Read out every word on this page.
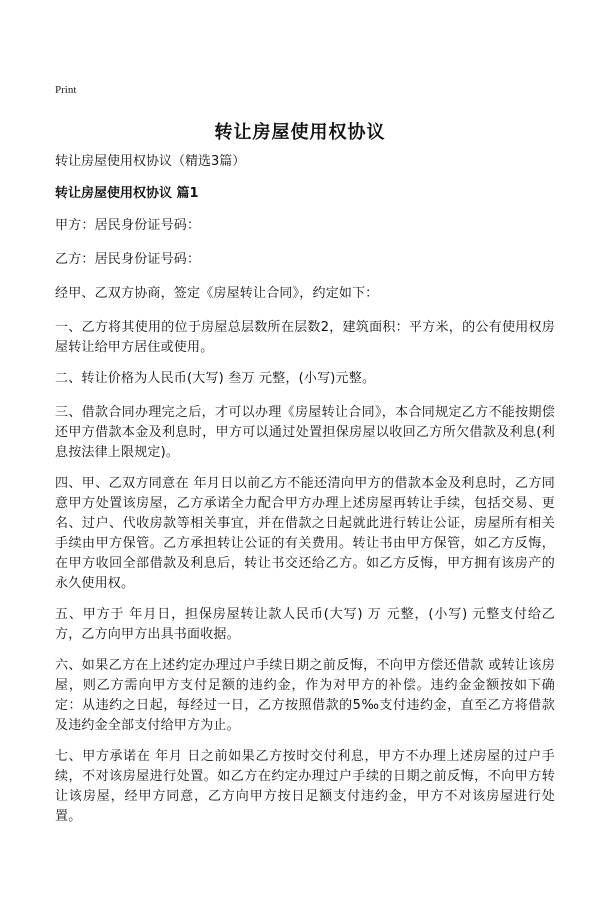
Print
转让房屋使用权协议
转让房屋使用权协议（精选3篇）
转让房屋使用权协议 篇1

甲方：居民身份证号码：

乙方：居民身份证号码：

经甲、乙双方协商，签定《房屋转让合同》，约定如下：

一、乙方将其使用的位于房屋总层数所在层数2，建筑面积：平方米，的公有使用权房屋转让给甲方居住或使用。

二、转让价格为人民币(大写) 叁万 元整，(小写)元整。

三、借款合同办理完之后，才可以办理《房屋转让合同》，本合同规定乙方不能按期偿还甲方借款本金及利息时，甲方可以通过处置担保房屋以收回乙方所欠借款及利息(利息按法律上限规定)。

四、甲、乙双方同意在 年月日以前乙方不能还清向甲方的借款本金及利息时，乙方同意甲方处置该房屋，乙方承诺全力配合甲方办理上述房屋再转让手续，包括交易、更名、过户、代收房款等相关事宜，并在借款之日起就此进行转让公证，房屋所有相关手续由甲方保管。乙方承担转让公证的有关费用。转让书由甲方保管，如乙方反悔，在甲方收回全部借款及利息后，转让书交还给乙方。如乙方反悔，甲方拥有该房产的永久使用权。

五、甲方于 年月日，担保房屋转让款人民币(大写) 万 元整，(小写) 元整支付给乙方，乙方向甲方出具书面收据。

六、如果乙方在上述约定办理过户手续日期之前反悔，不向甲方偿还借款 或转让该房屋，则乙方需向甲方支付足额的违约金，作为对甲方的补偿。违约金金额按如下确定：从违约之日起，每经过一日，乙方按照借款的5‰支付违约金，直至乙方将借款及违约金全部支付给甲方为止。

七、甲方承诺在 年月 日之前如果乙方按时交付利息，甲方不办理上述房屋的过户手续，不对该房屋进行处置。如乙方在约定办理过户手续的日期之前反悔，不向甲方转让该房屋，经甲方同意，乙方向甲方按日足额支付违约金，甲方不对该房屋进行处置。
